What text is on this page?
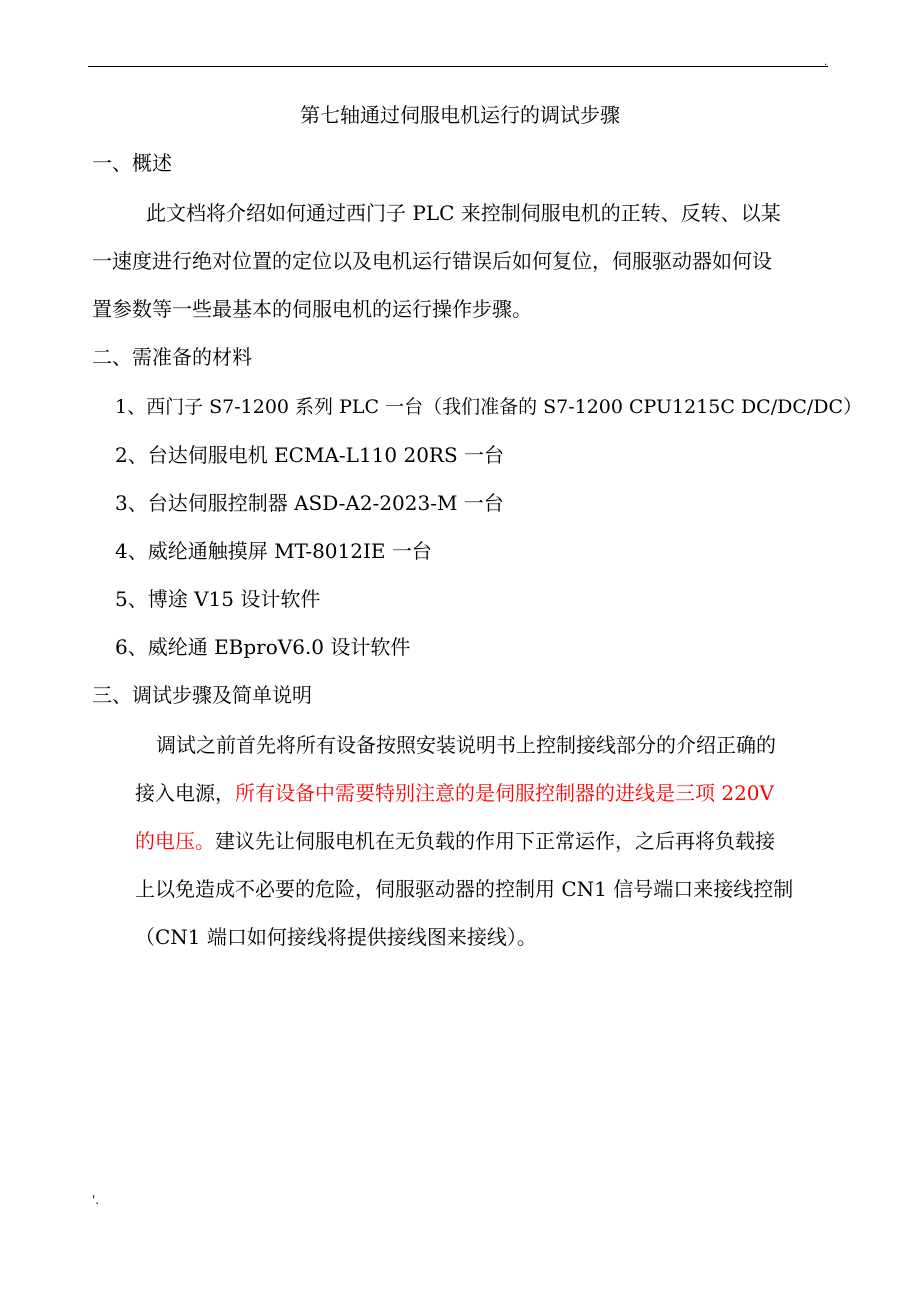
.

第七轴通过伺服电机运行的调试步骤

一、概述

此文档将介绍如何通过西门子 PLC 来控制伺服电机的正转、反转、以某

一速度进行绝对位置的定位以及电机运行错误后如何复位，伺服驱动器如何设

置参数等一些最基本的伺服电机的运行操作步骤。

二、需准备的材料

1、西门子 S7-1200 系列 PLC 一台（我们准备的 S7-1200 CPU1215C DC/DC/DC）

2、台达伺服电机 ECMA-L110 20RS 一台

3、台达伺服控制器 ASD-A2-2023-M 一台

4、威纶通触摸屏 MT-8012IE 一台

5、博途 V15 设计软件

6、威纶通 EBproV6.0 设计软件

三、调试步骤及简单说明

调试之前首先将所有设备按照安装说明书上控制接线部分的介绍正确的

接入电源，所有设备中需要特别注意的是伺服控制器的进线是三项 220V

的电压。建议先让伺服电机在无负载的作用下正常运作，之后再将负载接

上以免造成不必要的危险，伺服驱动器的控制用 CN1 信号端口来接线控制

（CN1 端口如何接线将提供接线图来接线）。

'.
